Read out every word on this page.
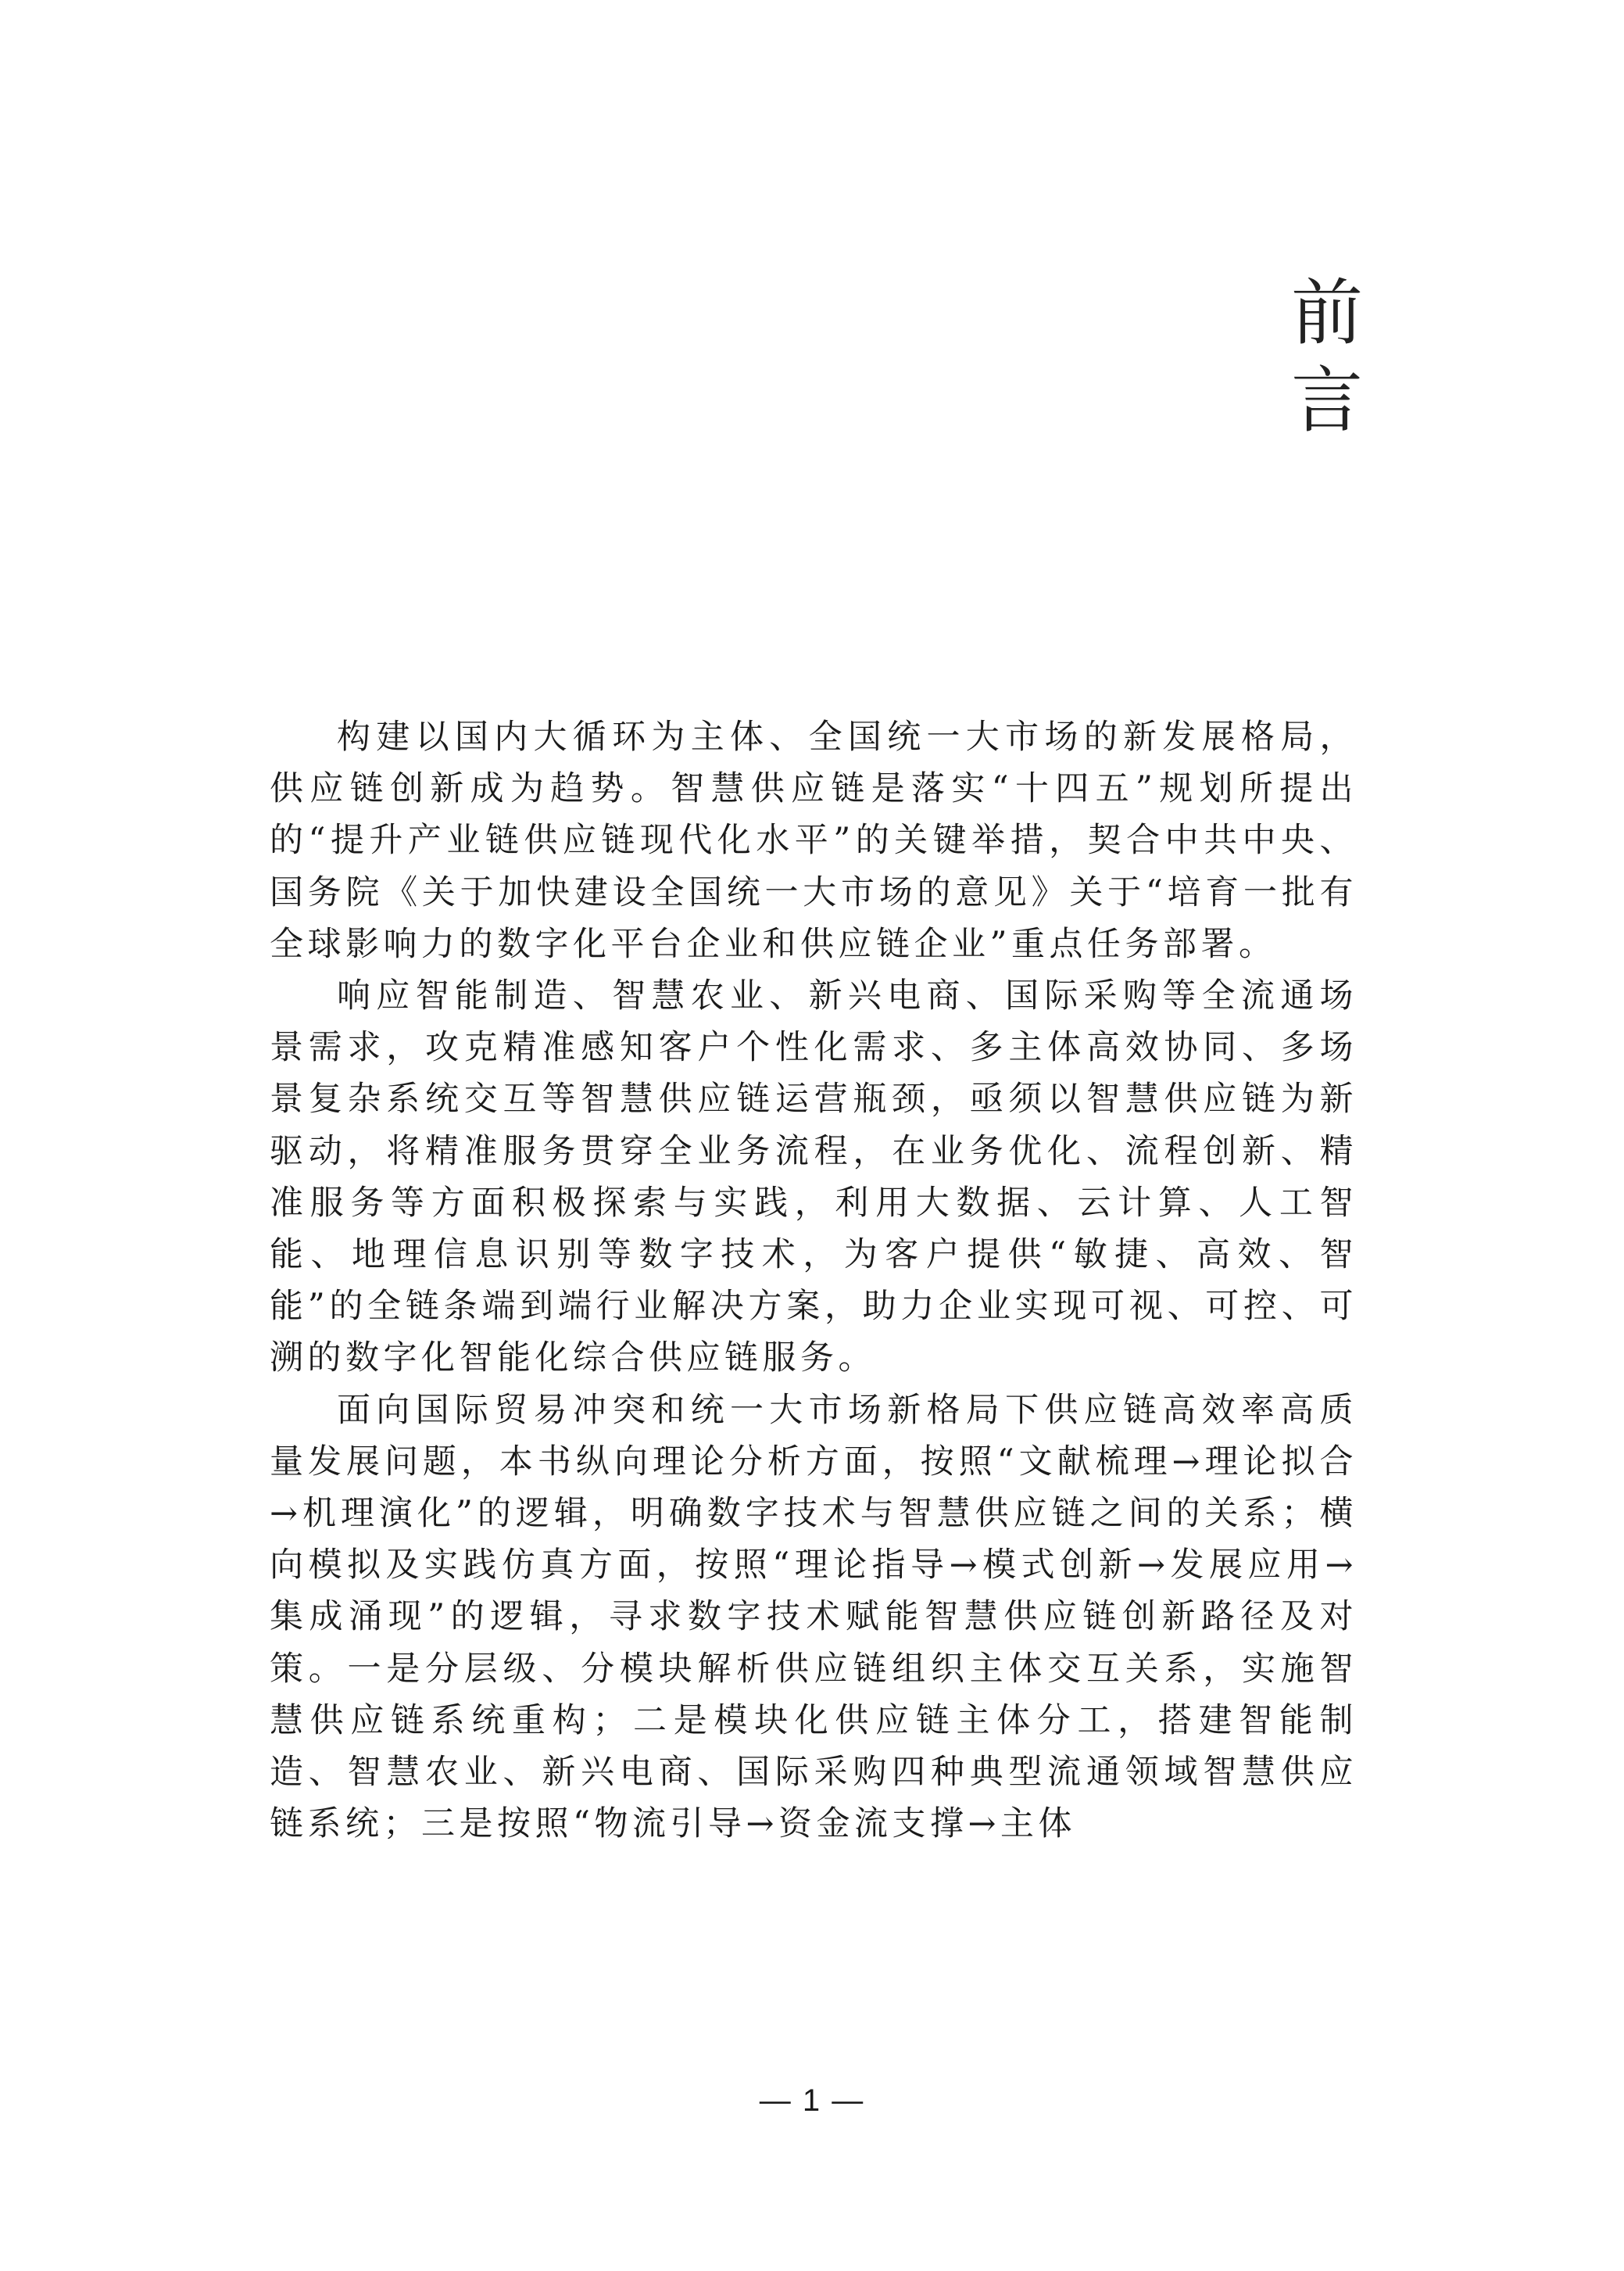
前
言

构建以国内大循环为主体、全国统一大市场的新发展格局，供应链创新成为趋势。智慧供应链是落实“十四五”规划所提出的“提升产业链供应链现代化水平”的关键举措，契合中共中央、国务院《关于加快建设全国统一大市场的意见》关于“培育一批有全球影响力的数字化平台企业和供应链企业”重点任务部署。

响应智能制造、智慧农业、新兴电商、国际采购等全流通场景需求，攻克精准感知客户个性化需求、多主体高效协同、多场景复杂系统交互等智慧供应链运营瓶颈，亟须以智慧供应链为新驱动，将精准服务贯穿全业务流程，在业务优化、流程创新、精准服务等方面积极探索与实践，利用大数据、云计算、人工智能、地理信息识别等数字技术，为客户提供“敏捷、高效、智能”的全链条端到端行业解决方案，助力企业实现可视、可控、可溯的数字化智能化综合供应链服务。

面向国际贸易冲突和统一大市场新格局下供应链高效率高质量发展问题，本书纵向理论分析方面，按照“文献梳理→理论拟合→机理演化”的逻辑，明确数字技术与智慧供应链之间的关系；横向模拟及实践仿真方面，按照“理论指导→模式创新→发展应用→集成涌现”的逻辑，寻求数字技术赋能智慧供应链创新路径及对策。一是分层级、分模块解析供应链组织主体交互关系，实施智慧供应链系统重构；二是模块化供应链主体分工，搭建智能制造、智慧农业、新兴电商、国际采购四种典型流通领域智慧供应链系统；三是按照“物流引导→资金流支撑→主体

— 1 —
